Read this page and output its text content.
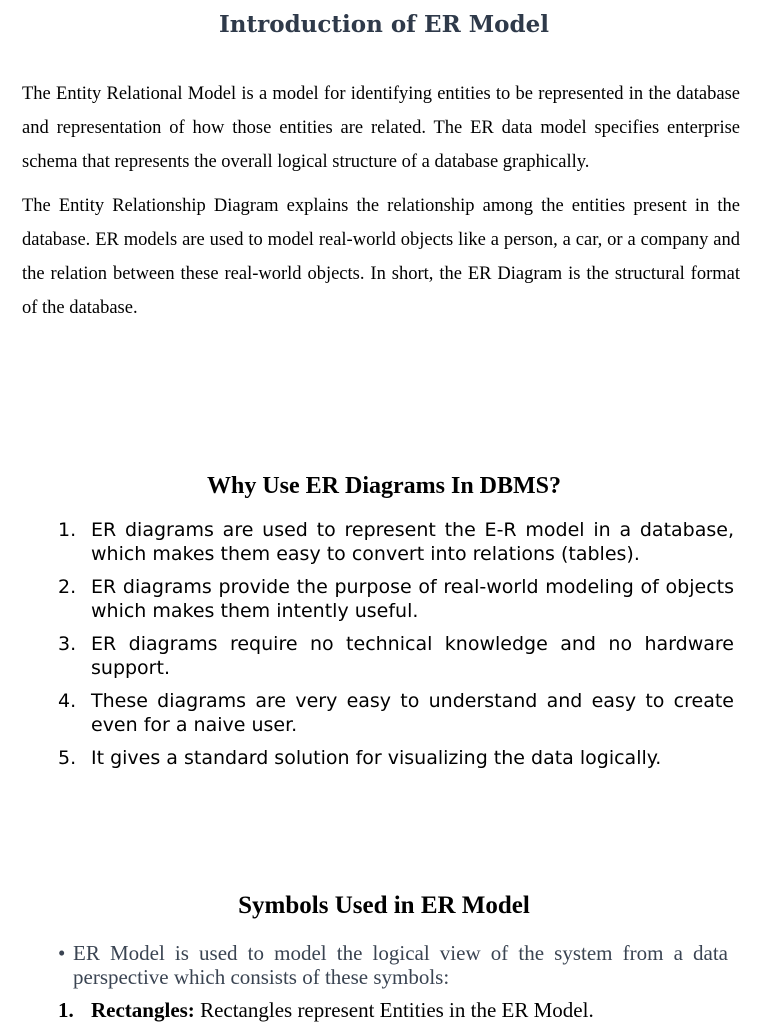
Introduction of ER Model

The Entity Relational Model is a model for identifying entities to be represented in the database and representation of how those entities are related. The ER data model specifies enterprise schema that represents the overall logical structure of a database graphically.

The Entity Relationship Diagram explains the relationship among the entities present in the database. ER models are used to model real-world objects like a person, a car, or a company and the relation between these real-world objects. In short, the ER Diagram is the structural format of the database.

Why Use ER Diagrams In DBMS?
1. ER diagrams are used to represent the E-R model in a database, which makes them easy to convert into relations (tables).
2. ER diagrams provide the purpose of real-world modeling of objects which makes them intently useful.
3. ER diagrams require no technical knowledge and no hardware support.
4. These diagrams are very easy to understand and easy to create even for a naive user.
5. It gives a standard solution for visualizing the data logically.
Symbols Used in ER Model
• ER Model is used to model the logical view of the system from a data perspective which consists of these symbols:
1. Rectangles: Rectangles represent Entities in the ER Model.
